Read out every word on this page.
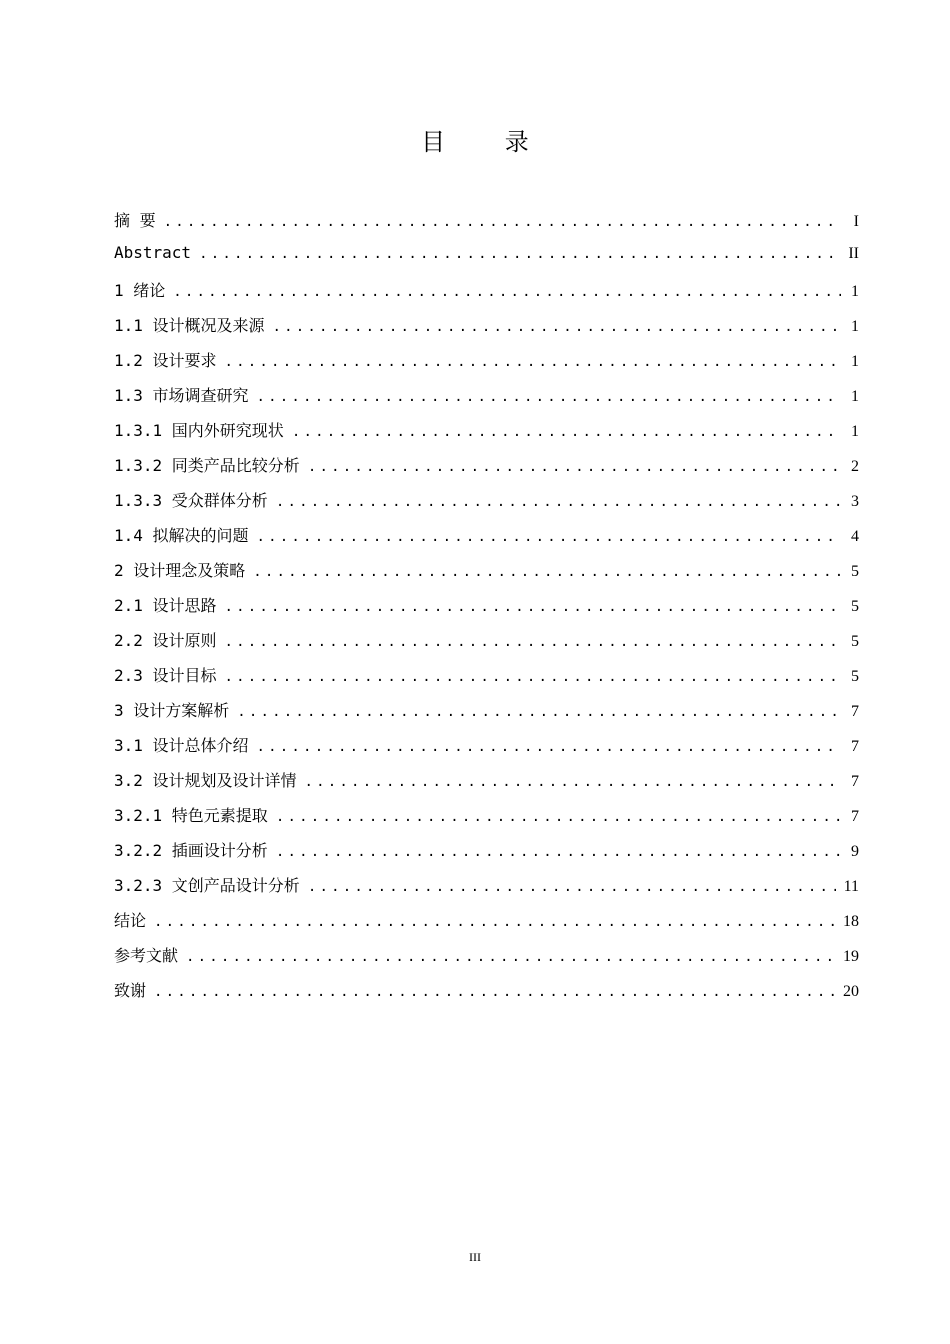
目 录
摘 要 .....	I
Abstract .....	II
1 绪论 .....	1
1.1 设计概况及来源 .....	1
1.2 设计要求 .....	1
1.3 市场调查研究 .....	1
1.3.1 国内外研究现状 .....	1
1.3.2 同类产品比较分析 .....	2
1.3.3 受众群体分析 .....	3
1.4 拟解决的问题 .....	4
2 设计理念及策略 .....	5
2.1 设计思路 .....	5
2.2 设计原则 .....	5
2.3 设计目标 .....	5
3 设计方案解析 .....	7
3.1 设计总体介绍 .....	7
3.2 设计规划及设计详情 .....	7
3.2.1 特色元素提取 .....	7
3.2.2 插画设计分析 .....	9
3.2.3 文创产品设计分析 .....	11
结论 .....	18
参考文献 .....	19
致谢 .....	20
III
